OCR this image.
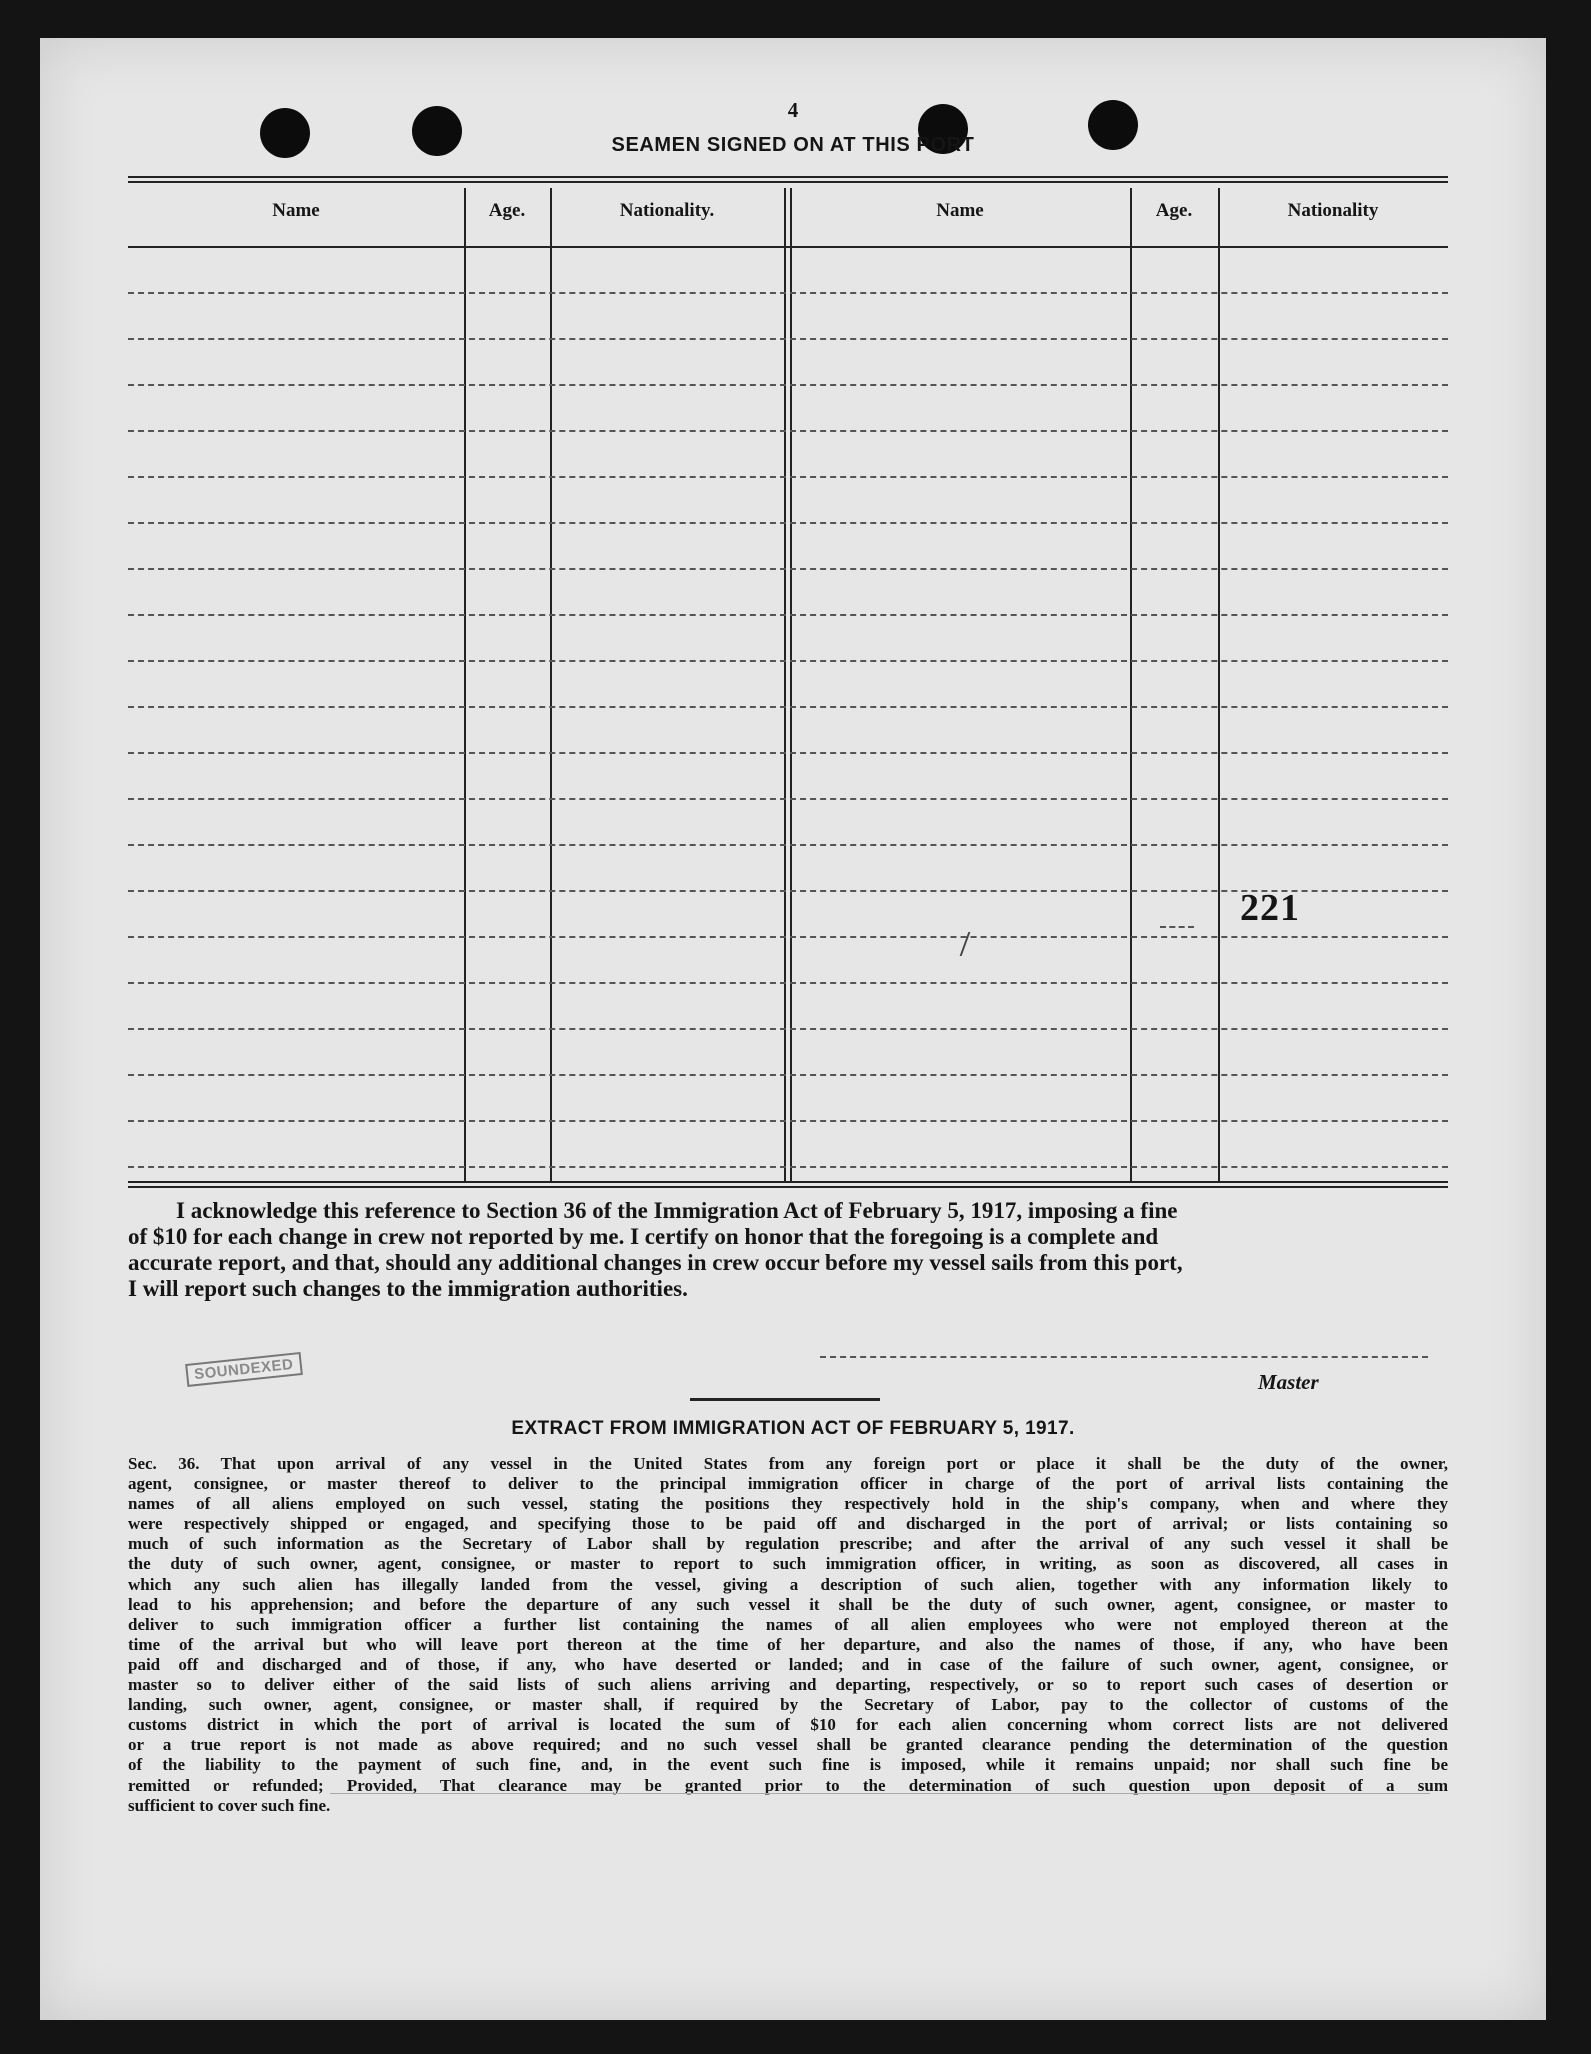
4
SEAMEN SIGNED ON AT THIS PORT
Name	Age.	Nationality.	Name	Age.	Nationality
221
I acknowledge this reference to Section 36 of the Immigration Act of February 5, 1917, imposing a fine
of $10 for each change in crew not reported by me. I certify on honor that the foregoing is a complete and
accurate report, and that, should any additional changes in crew occur before my vessel sails from this port,
I will report such changes to the immigration authorities.
SOUNDEXED	Master
EXTRACT FROM IMMIGRATION ACT OF FEBRUARY 5, 1917.
Sec. 36. That upon arrival of any vessel in the United States from any foreign port or place it shall be the duty of the owner,
agent, consignee, or master thereof to deliver to the principal immigration officer in charge of the port of arrival lists containing the
names of all aliens employed on such vessel, stating the positions they respectively hold in the ship's company, when and where they
were respectively shipped or engaged, and specifying those to be paid off and discharged in the port of arrival; or lists containing so
much of such information as the Secretary of Labor shall by regulation prescribe; and after the arrival of any such vessel it shall be
the duty of such owner, agent, consignee, or master to report to such immigration officer, in writing, as soon as discovered, all cases in
which any such alien has illegally landed from the vessel, giving a description of such alien, together with any information likely to
lead to his apprehension; and before the departure of any such vessel it shall be the duty of such owner, agent, consignee, or master to
deliver to such immigration officer a further list containing the names of all alien employees who were not employed thereon at the
time of the arrival but who will leave port thereon at the time of her departure, and also the names of those, if any, who have been
paid off and discharged and of those, if any, who have deserted or landed; and in case of the failure of such owner, agent, consignee, or
master so to deliver either of the said lists of such aliens arriving and departing, respectively, or so to report such cases of desertion or
landing, such owner, agent, consignee, or master shall, if required by the Secretary of Labor, pay to the collector of customs of the
customs district in which the port of arrival is located the sum of $10 for each alien concerning whom correct lists are not delivered
or a true report is not made as above required; and no such vessel shall be granted clearance pending the determination of the question
of the liability to the payment of such fine, and, in the event such fine is imposed, while it remains unpaid; nor shall such fine be
remitted or refunded; Provided, That clearance may be granted prior to the determination of such question upon deposit of a sum
sufficient to cover such fine.
